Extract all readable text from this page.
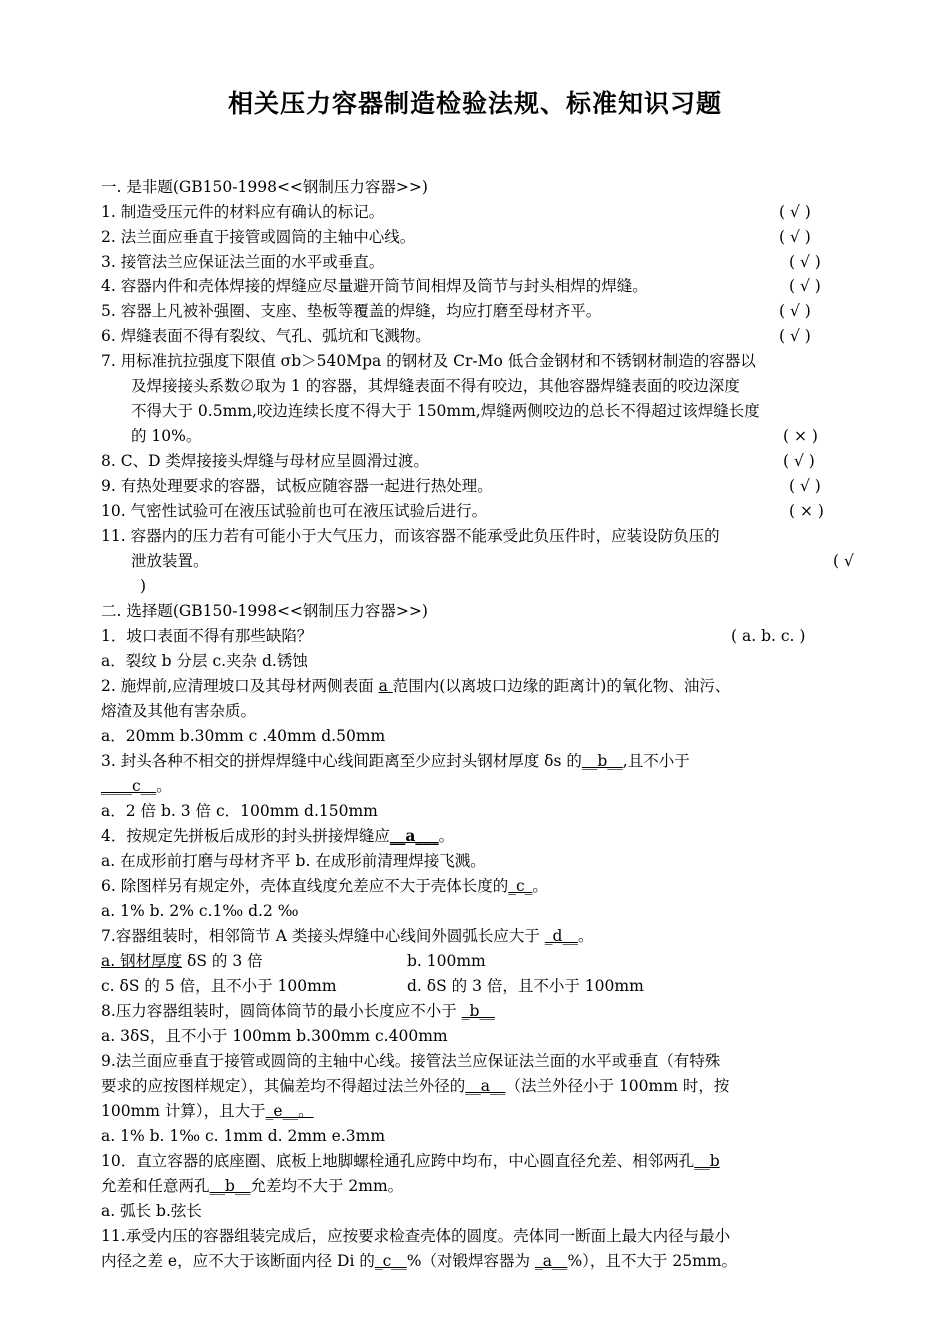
相关压力容器制造检验法规、标准知识习题
一. 是非题(GB150-1998<<钢制压力容器>>)
1. 制造受压元件的材料应有确认的标记。	( √ )
2. 法兰面应垂直于接管或圆筒的主轴中心线。	( √ )
3. 接管法兰应保证法兰面的水平或垂直。	( √ )
4. 容器内件和壳体焊接的焊缝应尽量避开筒节间相焊及筒节与封头相焊的焊缝。	( √ )
5. 容器上凡被补强圈、支座、垫板等覆盖的焊缝，均应打磨至母材齐平。	( √ )
6. 焊缝表面不得有裂纹、气孔、弧坑和飞溅物。	( √ )
7. 用标准抗拉强度下限值 σb＞540Mpa 的钢材及 Cr-Mo 低合金钢材和不锈钢材制造的容器以
及焊接接头系数∅取为 1 的容器，其焊缝表面不得有咬边，其他容器焊缝表面的咬边深度
不得大于 0.5mm,咬边连续长度不得大于 150mm,焊缝两侧咬边的总长不得超过该焊缝长度
的 10%。	( × )
8. C、D 类焊接接头焊缝与母材应呈圆滑过渡。	( √ )
9. 有热处理要求的容器，试板应随容器一起进行热处理。	( √ )
10. 气密性试验可在液压试验前也可在液压试验后进行。	( × )
11. 容器内的压力若有可能小于大气压力，而该容器不能承受此负压件时，应装设防负压的
泄放装置。	( √
)
二. 选择题(GB150-1998<<钢制压力容器>>)
1．坡口表面不得有那些缺陷？	( a. b. c. )
a．裂纹 b 分层 c.夹杂 d.锈蚀
2. 施焊前,应清理坡口及其母材两侧表面 a 范围内(以离坡口边缘的距离计)的氧化物、油污、
熔渣及其他有害杂质。
a．20mm b.30mm c .40mm d.50mm
3. 封头各种不相交的拼焊焊缝中心线间距离至少应封头钢材厚度 δs 的__b__,且不小于
____c__。
a．2 倍 b. 3 倍 c．100mm d.150mm
4．按规定先拼板后成形的封头拼接焊缝应__a___。
a. 在成形前打磨与母材齐平 b. 在成形前清理焊接飞溅。
6. 除图样另有规定外，壳体直线度允差应不大于壳体长度的_c_。
a. 1% b. 2% c.1‰ d.2 ‰
7.容器组装时，相邻筒节 A 类接头焊缝中心线间外圆弧长应大于 _d__。
a. 钢材厚度 δS 的 3 倍	b. 100mm
c. δS 的 5 倍，且不小于 100mm	d. δS 的 3 倍，且不小于 100mm
8.压力容器组装时，圆筒体筒节的最小长度应不小于 _b__
a. 3δS，且不小于 100mm b.300mm c.400mm
9.法兰面应垂直于接管或圆筒的主轴中心线。接管法兰应保证法兰面的水平或垂直（有特殊
要求的应按图样规定），其偏差均不得超过法兰外径的__a__（法兰外径小于 100mm 时，按
100mm 计算），且大于_e__。
a. 1% b. 1‰ c. 1mm d. 2mm e.3mm
10．直立容器的底座圈、底板上地脚螺栓通孔应跨中均布，中心圆直径允差、相邻两孔__b
允差和任意两孔__b__允差均不大于 2mm。
a. 弧长 b.弦长
11.承受内压的容器组装完成后，应按要求检查壳体的圆度。壳体同一断面上最大内径与最小
内径之差 e，应不大于该断面内径 Di 的_c__%（对锻焊容器为 _a__%），且不大于 25mm。
